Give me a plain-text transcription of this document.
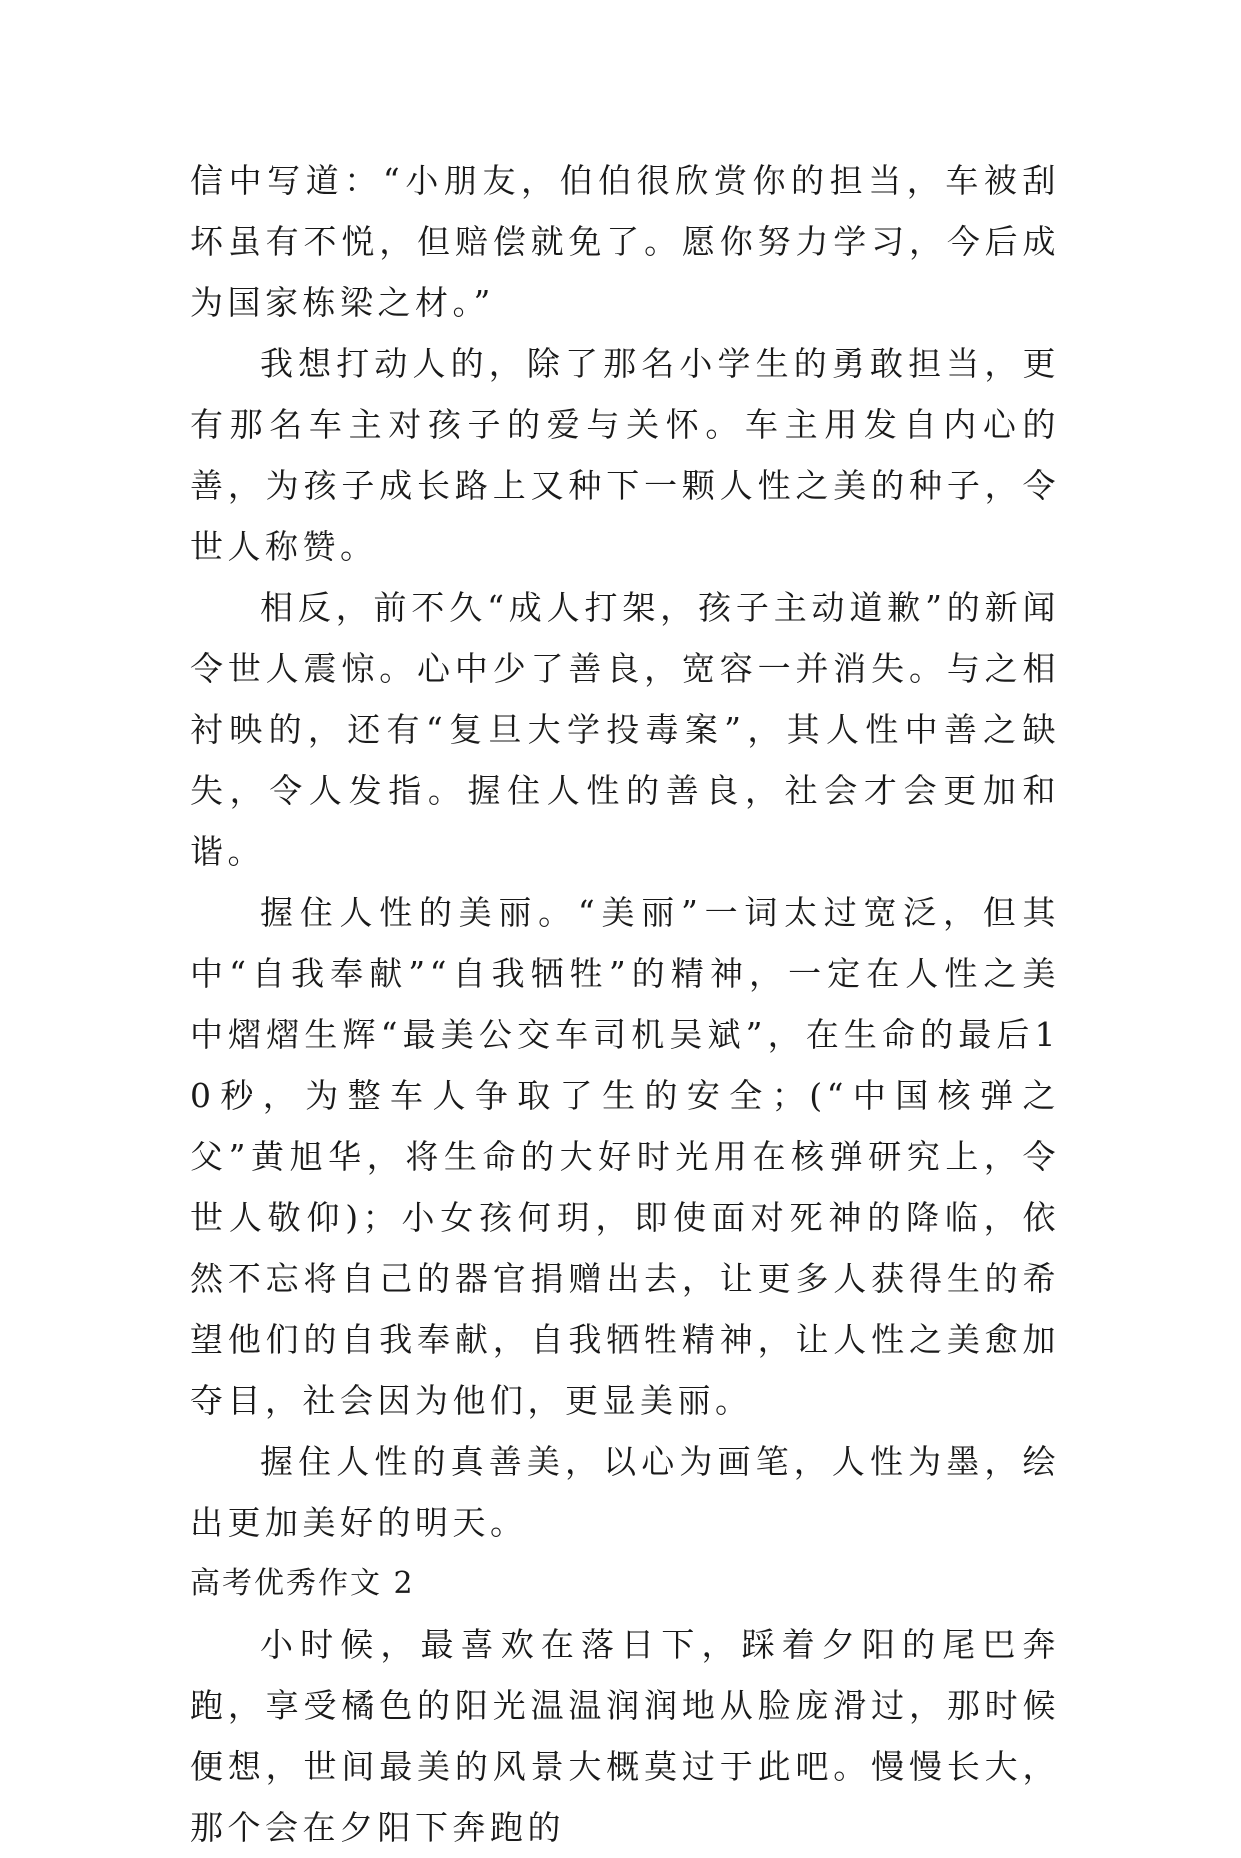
信中写道：“小朋友，伯伯很欣赏你的担当，车被刮坏虽有不悦，但赔偿就免了。愿你努力学习，今后成为国家栋梁之材。”

我想打动人的，除了那名小学生的勇敢担当，更有那名车主对孩子的爱与关怀。车主用发自内心的善，为孩子成长路上又种下一颗人性之美的种子，令世人称赞。

相反，前不久“成人打架，孩子主动道歉”的新闻令世人震惊。心中少了善良，宽容一并消失。与之相衬映的，还有“复旦大学投毒案”，其人性中善之缺失，令人发指。握住人性的善良，社会才会更加和谐。

握住人性的美丽。“美丽”一词太过宽泛，但其中“自我奉献”“自我牺牲”的精神，一定在人性之美中熠熠生辉“最美公交车司机吴斌”，在生命的最后10秒，为整车人争取了生的安全；(“中国核弹之父”黄旭华，将生命的大好时光用在核弹研究上，令世人敬仰)；小女孩何玥，即使面对死神的降临，依然不忘将自己的器官捐赠出去，让更多人获得生的希望他们的自我奉献，自我牺牲精神，让人性之美愈加夺目，社会因为他们，更显美丽。

握住人性的真善美，以心为画笔，人性为墨，绘出更加美好的明天。

高考优秀作文 2

小时候，最喜欢在落日下，踩着夕阳的尾巴奔跑，享受橘色的阳光温温润润地从脸庞滑过，那时候便想，世间最美的风景大概莫过于此吧。慢慢长大，那个会在夕阳下奔跑的
